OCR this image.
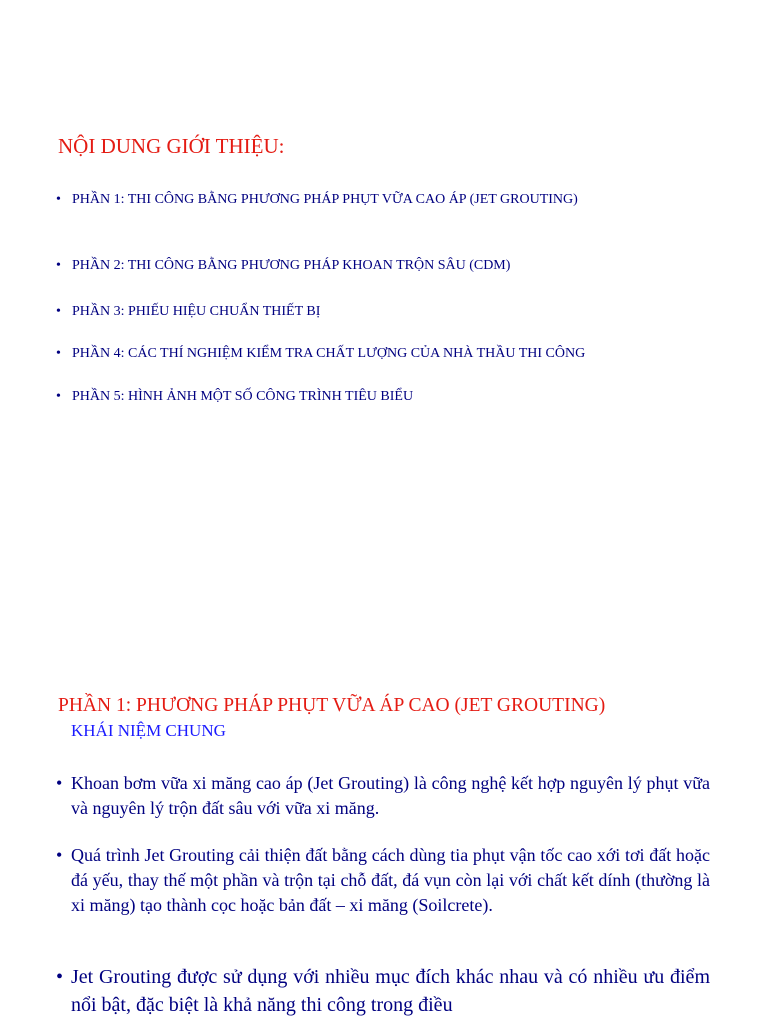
NỘI DUNG GIỚI THIỆU:
• PHẦN 1: THI CÔNG BẰNG PHƯƠNG PHÁP PHỤT VỮA CAO ÁP (JET GROUTING)
• PHẦN 2: THI CÔNG BẰNG PHƯƠNG PHÁP KHOAN TRỘN SÂU (CDM)
• PHẦN 3: PHIẾU HIỆU CHUẨN THIẾT BỊ
• PHẦN 4: CÁC THÍ NGHIỆM KIỂM TRA CHẤT LƯỢNG CỦA NHÀ THẦU THI CÔNG
• PHẦN 5: HÌNH ẢNH MỘT SỐ CÔNG TRÌNH TIÊU BIỂU
PHẦN 1: PHƯƠNG PHÁP PHỤT VỮA ÁP CAO (JET GROUTING)
KHÁI NIỆM CHUNG
• Khoan bơm vữa xi măng cao áp (Jet Grouting) là công nghệ kết hợp nguyên lý phụt vữa và nguyên lý trộn đất sâu với vữa xi măng.
• Quá trình Jet Grouting cải thiện đất bằng cách dùng tia phụt vận tốc cao xới tơi đất hoặc đá yếu, thay thế một phần và trộn tại chỗ đất, đá vụn còn lại với chất kết dính (thường là xi măng) tạo thành cọc hoặc bản đất – xi măng (Soilcrete).
• Jet Grouting được sử dụng với nhiều mục đích khác nhau và có nhiều ưu điểm nổi bật, đặc biệt là khả năng thi công trong điều
